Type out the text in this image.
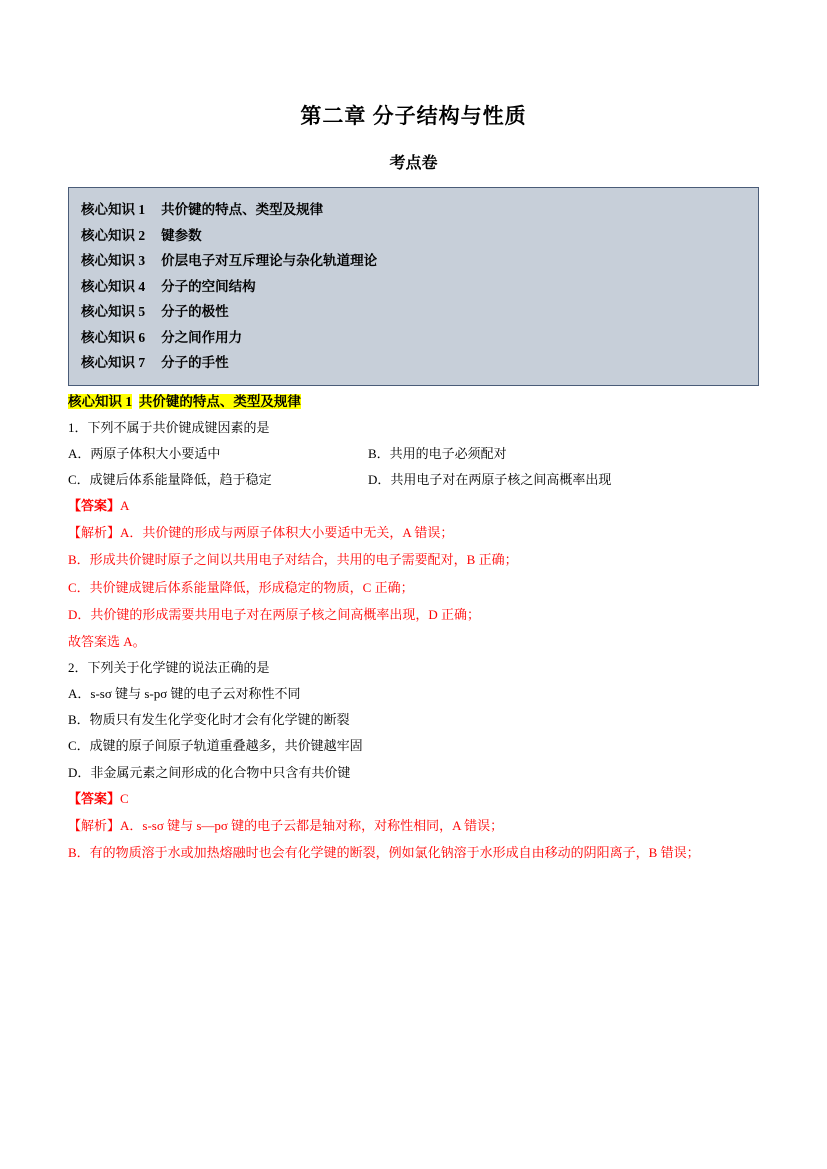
第二章 分子结构与性质
考点卷
核心知识 1 共价键的特点、类型及规律
核心知识 2 键参数
核心知识 3 价层电子对互斥理论与杂化轨道理论
核心知识 4 分子的空间结构
核心知识 5 分子的极性
核心知识 6 分之间作用力
核心知识 7 分子的手性
核心知识 1 共价键的特点、类型及规律
1．下列不属于共价键成键因素的是
A．两原子体积大小要适中	B．共用的电子必须配对
C．成键后体系能量降低，趋于稳定	D．共用电子对在两原子核之间高概率出现
【答案】A
【解析】A．共价键的形成与两原子体积大小要适中无关，A 错误；
B．形成共价键时原子之间以共用电子对结合，共用的电子需要配对，B 正确；
C．共价键成键后体系能量降低，形成稳定的物质，C 正确；
D．共价键的形成需要共用电子对在两原子核之间高概率出现，D 正确；
故答案选 A。
2．下列关于化学键的说法正确的是
A．s-sσ 键与 s-pσ 键的电子云对称性不同
B．物质只有发生化学变化时才会有化学键的断裂
C．成键的原子间原子轨道重叠越多，共价键越牢固
D．非金属元素之间形成的化合物中只含有共价键
【答案】C
【解析】A．s-sσ 键与 s—pσ 键的电子云都是轴对称，对称性相同，A 错误；
B．有的物质溶于水或加热熔融时也会有化学键的断裂，例如氯化钠溶于水形成自由移动的阴阳离子，B 错误；
